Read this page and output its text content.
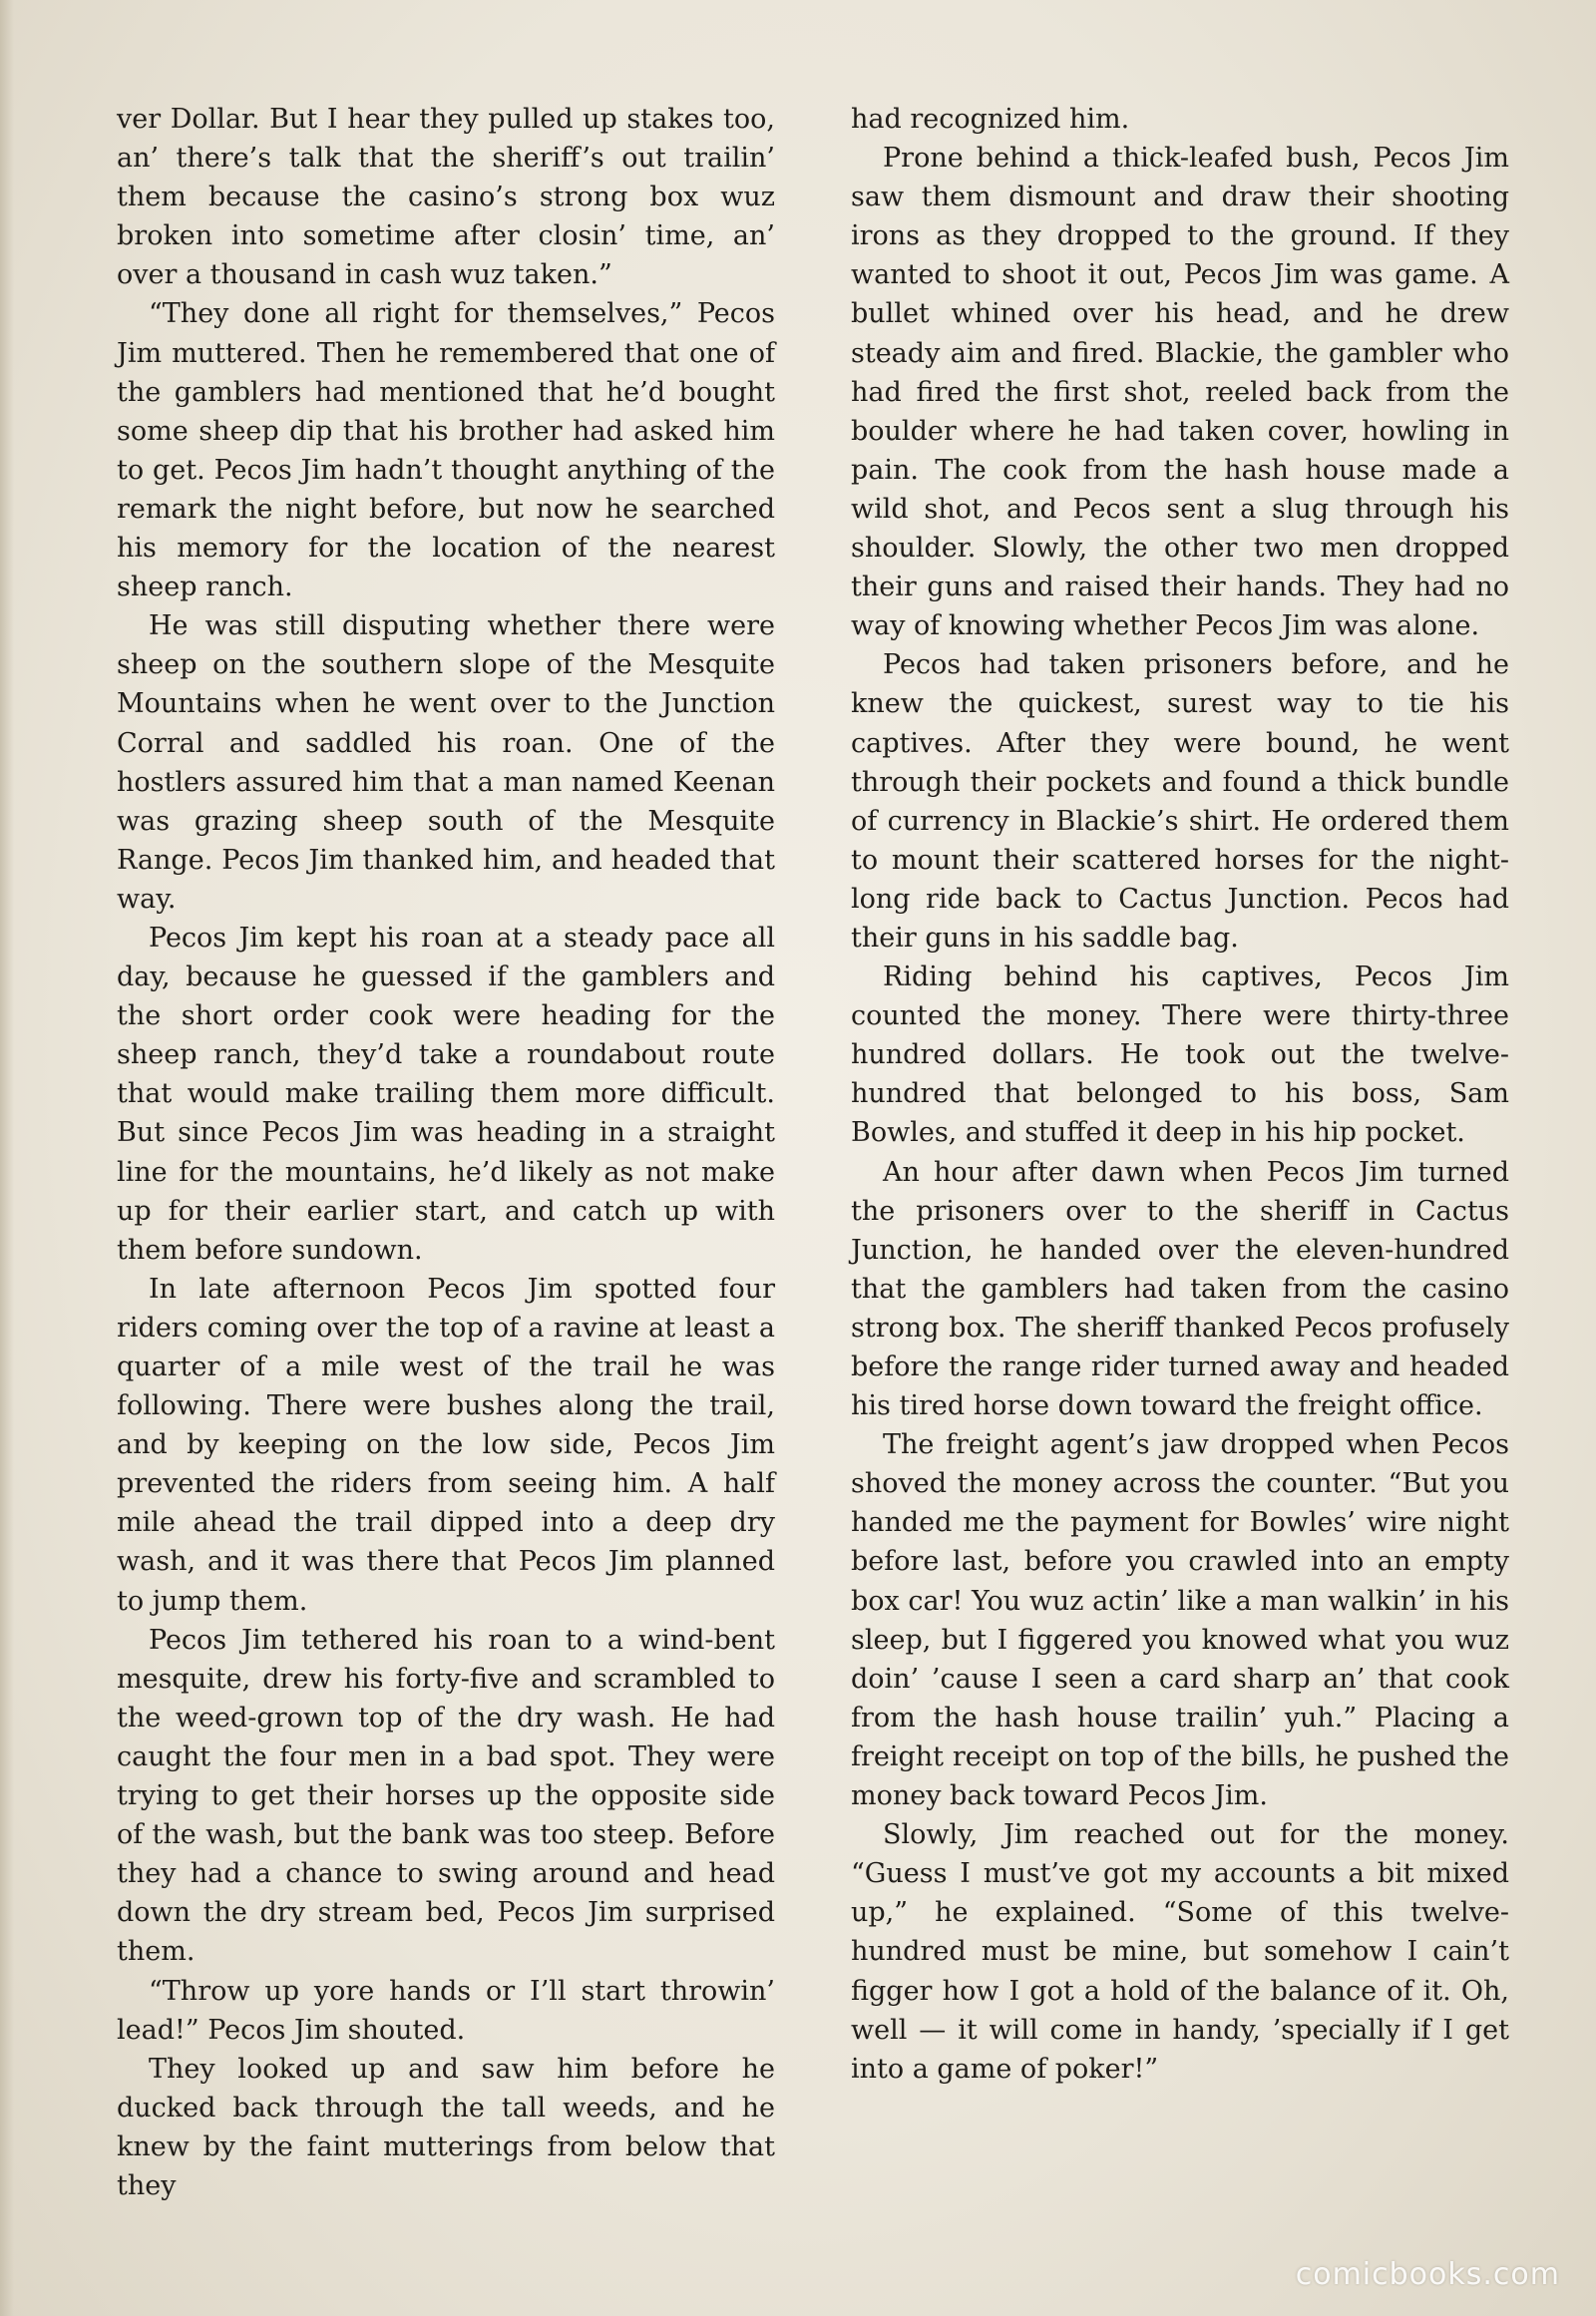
ver Dollar. But I hear they pulled up stakes too, an’ there’s talk that the sheriff’s out trailin’ them because the casino’s strong box wuz broken into sometime after closin’ time, an’ over a thousand in cash wuz taken.”

“They done all right for themselves,” Pecos Jim muttered. Then he remembered that one of the gamblers had mentioned that he’d bought some sheep dip that his brother had asked him to get. Pecos Jim hadn’t thought anything of the remark the night before, but now he searched his memory for the location of the nearest sheep ranch.

He was still disputing whether there were sheep on the southern slope of the Mesquite Mountains when he went over to the Junction Corral and saddled his roan. One of the hostlers assured him that a man named Keenan was grazing sheep south of the Mesquite Range. Pecos Jim thanked him, and headed that way.

Pecos Jim kept his roan at a steady pace all day, because he guessed if the gamblers and the short order cook were heading for the sheep ranch, they’d take a roundabout route that would make trailing them more difficult. But since Pecos Jim was heading in a straight line for the mountains, he’d likely as not make up for their earlier start, and catch up with them before sundown.

In late afternoon Pecos Jim spotted four riders coming over the top of a ravine at least a quarter of a mile west of the trail he was following. There were bushes along the trail, and by keeping on the low side, Pecos Jim prevented the riders from seeing him. A half mile ahead the trail dipped into a deep dry wash, and it was there that Pecos Jim planned to jump them.

Pecos Jim tethered his roan to a wind-bent mesquite, drew his forty-five and scrambled to the weed-grown top of the dry wash. He had caught the four men in a bad spot. They were trying to get their horses up the opposite side of the wash, but the bank was too steep. Before they had a chance to swing around and head down the dry stream bed, Pecos Jim surprised them.

“Throw up yore hands or I’ll start throwin’ lead!” Pecos Jim shouted.

They looked up and saw him before he ducked back through the tall weeds, and he knew by the faint mutterings from below that they

had recognized him.

Prone behind a thick-leafed bush, Pecos Jim saw them dismount and draw their shooting irons as they dropped to the ground. If they wanted to shoot it out, Pecos Jim was game. A bullet whined over his head, and he drew steady aim and fired. Blackie, the gambler who had fired the first shot, reeled back from the boulder where he had taken cover, howling in pain. The cook from the hash house made a wild shot, and Pecos sent a slug through his shoulder. Slowly, the other two men dropped their guns and raised their hands. They had no way of knowing whether Pecos Jim was alone.

Pecos had taken prisoners before, and he knew the quickest, surest way to tie his captives. After they were bound, he went through their pockets and found a thick bundle of currency in Blackie’s shirt. He ordered them to mount their scattered horses for the night-long ride back to Cactus Junction. Pecos had their guns in his saddle bag.

Riding behind his captives, Pecos Jim counted the money. There were thirty-three hundred dollars. He took out the twelve-hundred that belonged to his boss, Sam Bowles, and stuffed it deep in his hip pocket.

An hour after dawn when Pecos Jim turned the prisoners over to the sheriff in Cactus Junction, he handed over the eleven-hundred that the gamblers had taken from the casino strong box. The sheriff thanked Pecos profusely before the range rider turned away and headed his tired horse down toward the freight office.

The freight agent’s jaw dropped when Pecos shoved the money across the counter. “But you handed me the payment for Bowles’ wire night before last, before you crawled into an empty box car! You wuz actin’ like a man walkin’ in his sleep, but I figgered you knowed what you wuz doin’ ’cause I seen a card sharp an’ that cook from the hash house trailin’ yuh.” Placing a freight receipt on top of the bills, he pushed the money back toward Pecos Jim.

Slowly, Jim reached out for the money. “Guess I must’ve got my accounts a bit mixed up,” he explained. “Some of this twelve-hundred must be mine, but somehow I cain’t figger how I got a hold of the balance of it. Oh, well — it will come in handy, ’specially if I get into a game of poker!”

comicbooks.com
